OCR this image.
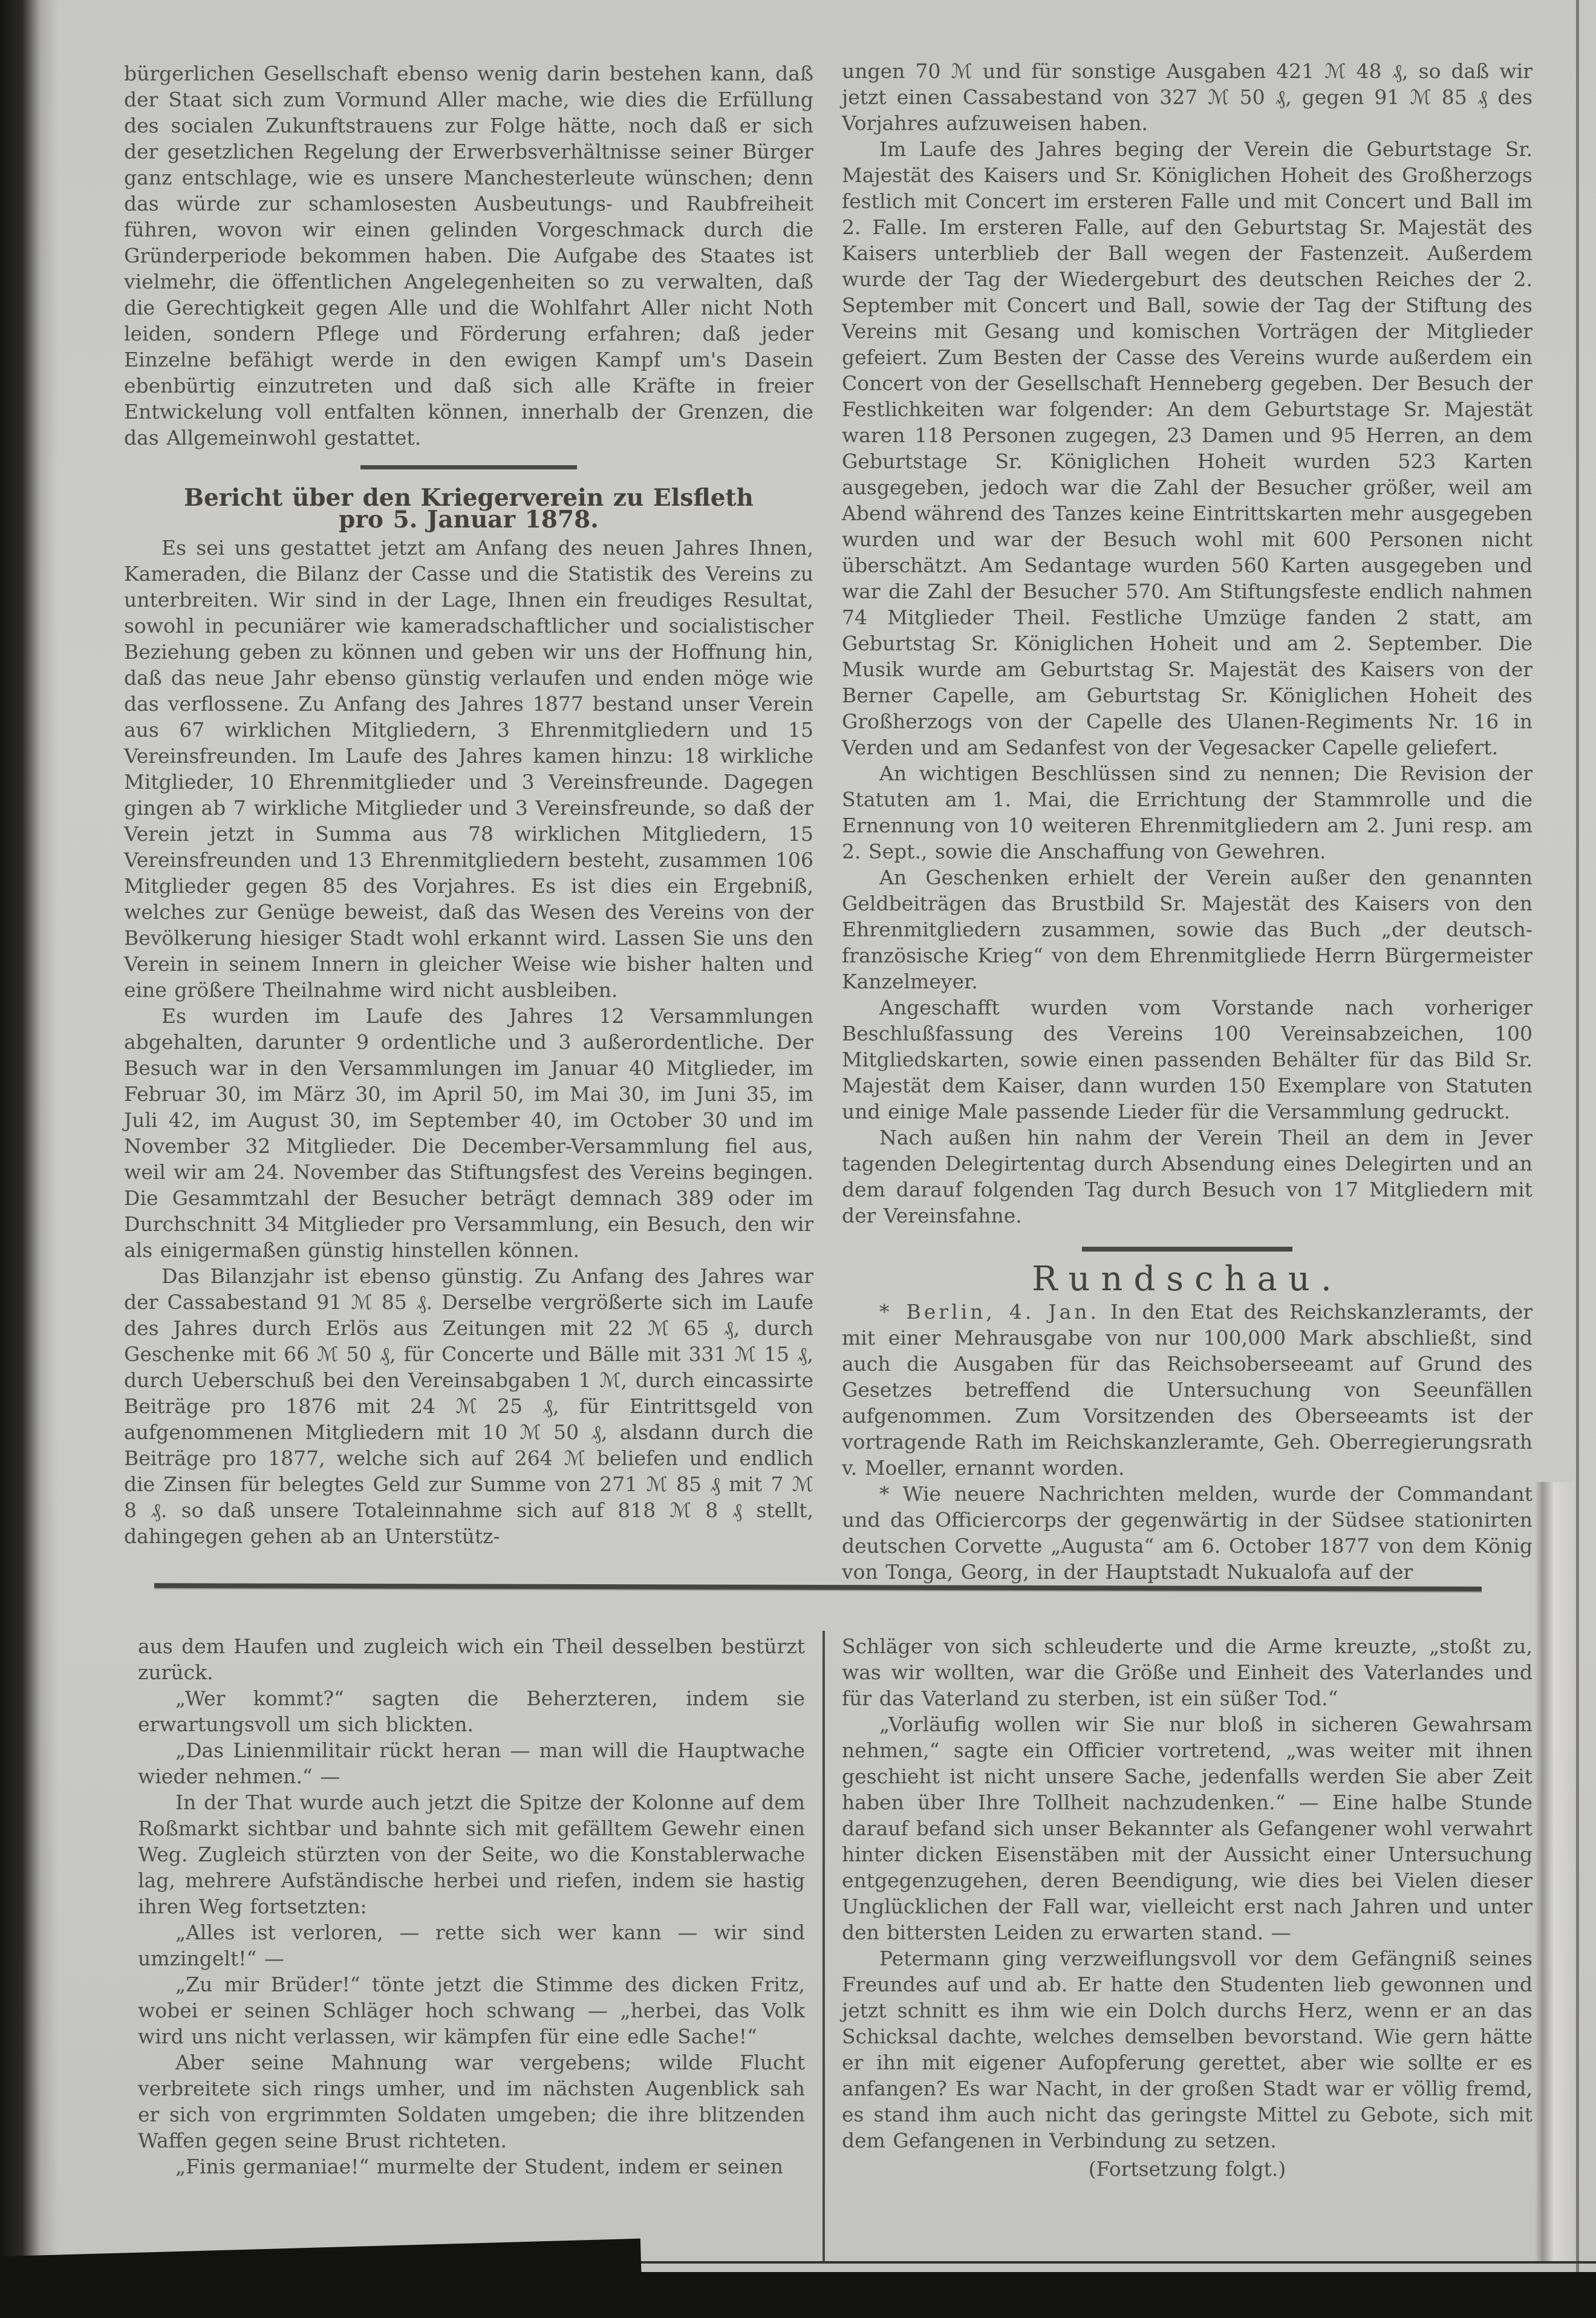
bürgerlichen Gesellschaft ebenso wenig darin bestehen kann, daß der Staat sich zum Vormund Aller mache, wie dies die Erfüllung des socialen Zukunftstrauens zur Folge hätte, noch daß er sich der gesetzlichen Regelung der Erwerbsverhältnisse seiner Bürger ganz entschlage, wie es unsere Manchesterleute wünschen; denn das würde zur schamlosesten Ausbeutungs- und Raubfreiheit führen, wovon wir einen gelinden Vorgeschmack durch die Gründerperiode bekommen haben. Die Aufgabe des Staates ist vielmehr, die öffentlichen Angelegenheiten so zu verwalten, daß die Gerechtigkeit gegen Alle und die Wohlfahrt Aller nicht Noth leiden, sondern Pflege und Förderung erfahren; daß jeder Einzelne befähigt werde in den ewigen Kampf um's Dasein ebenbürtig einzutreten und daß sich alle Kräfte in freier Entwickelung voll entfalten können, innerhalb der Grenzen, die das Allgemeinwohl gestattet.

Bericht über den Kriegerverein zu Elsfleth

pro 5. Januar 1878.

Es sei uns gestattet jetzt am Anfang des neuen Jahres Ihnen, Kameraden, die Bilanz der Casse und die Statistik des Vereins zu unterbreiten. Wir sind in der Lage, Ihnen ein freudiges Resultat, sowohl in pecuniärer wie kameradschaftlicher und socialistischer Beziehung geben zu können und geben wir uns der Hoffnung hin, daß das neue Jahr ebenso günstig verlaufen und enden möge wie das verflossene. Zu Anfang des Jahres 1877 bestand unser Verein aus 67 wirklichen Mitgliedern, 3 Ehrenmitgliedern und 15 Vereinsfreunden. Im Laufe des Jahres kamen hinzu: 18 wirkliche Mitglieder, 10 Ehrenmitglieder und 3 Vereinsfreunde. Dagegen gingen ab 7 wirkliche Mitglieder und 3 Vereinsfreunde, so daß der Verein jetzt in Summa aus 78 wirklichen Mitgliedern, 15 Vereinsfreunden und 13 Ehrenmitgliedern besteht, zusammen 106 Mitglieder gegen 85 des Vorjahres. Es ist dies ein Ergebniß, welches zur Genüge beweist, daß das Wesen des Vereins von der Bevölkerung hiesiger Stadt wohl erkannt wird. Lassen Sie uns den Verein in seinem Innern in gleicher Weise wie bisher halten und eine größere Theilnahme wird nicht ausbleiben.

Es wurden im Laufe des Jahres 12 Versammlungen abgehalten, darunter 9 ordentliche und 3 außerordentliche. Der Besuch war in den Versammlungen im Januar 40 Mitglieder, im Februar 30, im März 30, im April 50, im Mai 30, im Juni 35, im Juli 42, im August 30, im September 40, im October 30 und im November 32 Mitglieder. Die December-Versammlung fiel aus, weil wir am 24. November das Stiftungsfest des Vereins begingen. Die Gesammtzahl der Besucher beträgt demnach 389 oder im Durchschnitt 34 Mitglieder pro Versammlung, ein Besuch, den wir als einigermaßen günstig hinstellen können.

Das Bilanzjahr ist ebenso günstig. Zu Anfang des Jahres war der Cassabestand 91 ℳ 85 ₰. Derselbe vergrößerte sich im Laufe des Jahres durch Erlös aus Zeitungen mit 22 ℳ 65 ₰, durch Geschenke mit 66 ℳ 50 ₰, für Concerte und Bälle mit 331 ℳ 15 ₰, durch Ueberschuß bei den Vereinsabgaben 1 ℳ, durch eincassirte Beiträge pro 1876 mit 24 ℳ 25 ₰, für Eintrittsgeld von aufgenommenen Mitgliedern mit 10 ℳ 50 ₰, alsdann durch die Beiträge pro 1877, welche sich auf 264 ℳ beliefen und endlich die Zinsen für belegtes Geld zur Summe von 271 ℳ 85 ₰ mit 7 ℳ 8 ₰. so daß unsere Totaleinnahme sich auf 818 ℳ 8 ₰ stellt, dahingegen gehen ab an Unterstütz-

ungen 70 ℳ und für sonstige Ausgaben 421 ℳ 48 ₰, so daß wir jetzt einen Cassabestand von 327 ℳ 50 ₰, gegen 91 ℳ 85 ₰ des Vorjahres aufzuweisen haben.

Im Laufe des Jahres beging der Verein die Geburtstage Sr. Majestät des Kaisers und Sr. Königlichen Hoheit des Großherzogs festlich mit Concert im ersteren Falle und mit Concert und Ball im 2. Falle. Im ersteren Falle, auf den Geburtstag Sr. Majestät des Kaisers unterblieb der Ball wegen der Fastenzeit. Außerdem wurde der Tag der Wiedergeburt des deutschen Reiches der 2. September mit Concert und Ball, sowie der Tag der Stiftung des Vereins mit Gesang und komischen Vorträgen der Mitglieder gefeiert. Zum Besten der Casse des Vereins wurde außerdem ein Concert von der Gesellschaft Henneberg gegeben. Der Besuch der Festlichkeiten war folgender: An dem Geburtstage Sr. Majestät waren 118 Personen zugegen, 23 Damen und 95 Herren, an dem Geburtstage Sr. Königlichen Hoheit wurden 523 Karten ausgegeben, jedoch war die Zahl der Besucher größer, weil am Abend während des Tanzes keine Eintrittskarten mehr ausgegeben wurden und war der Besuch wohl mit 600 Personen nicht überschätzt. Am Sedantage wurden 560 Karten ausgegeben und war die Zahl der Besucher 570. Am Stiftungsfeste endlich nahmen 74 Mitglieder Theil. Festliche Umzüge fanden 2 statt, am Geburtstag Sr. Königlichen Hoheit und am 2. September. Die Musik wurde am Geburtstag Sr. Majestät des Kaisers von der Berner Capelle, am Geburtstag Sr. Königlichen Hoheit des Großherzogs von der Capelle des Ulanen-Regiments Nr. 16 in Verden und am Sedanfest von der Vegesacker Capelle geliefert.

An wichtigen Beschlüssen sind zu nennen; Die Revision der Statuten am 1. Mai, die Errichtung der Stammrolle und die Ernennung von 10 weiteren Ehrenmitgliedern am 2. Juni resp. am 2. Sept., sowie die Anschaffung von Gewehren.

An Geschenken erhielt der Verein außer den genannten Geldbeiträgen das Brustbild Sr. Majestät des Kaisers von den Ehrenmitgliedern zusammen, sowie das Buch „der deutsch-französische Krieg“ von dem Ehrenmitgliede Herrn Bürgermeister Kanzelmeyer.

Angeschafft wurden vom Vorstande nach vorheriger Beschlußfassung des Vereins 100 Vereinsabzeichen, 100 Mitgliedskarten, sowie einen passenden Behälter für das Bild Sr. Majestät dem Kaiser, dann wurden 150 Exemplare von Statuten und einige Male passende Lieder für die Versammlung gedruckt.

Nach außen hin nahm der Verein Theil an dem in Jever tagenden Delegirtentag durch Absendung eines Delegirten und an dem darauf folgenden Tag durch Besuch von 17 Mitgliedern mit der Vereinsfahne.

Rundschau.

* Berlin, 4. Jan. In den Etat des Reichskanzleramts, der mit einer Mehrausgabe von nur 100,000 Mark abschließt, sind auch die Ausgaben für das Reichsoberseeamt auf Grund des Gesetzes betreffend die Untersuchung von Seeunfällen aufgenommen. Zum Vorsitzenden des Oberseeamts ist der vortragende Rath im Reichskanzleramte, Geh. Oberregierungsrath v. Moeller, ernannt worden.

* Wie neuere Nachrichten melden, wurde der Commandant und das Officiercorps der gegenwärtig in der Südsee stationirten deutschen Corvette „Augusta“ am 6. October 1877 von dem König von Tonga, Georg, in der Hauptstadt Nukualofa auf der

aus dem Haufen und zugleich wich ein Theil desselben bestürzt zurück.

„Wer kommt?“ sagten die Beherzteren, indem sie erwartungsvoll um sich blickten.

„Das Linienmilitair rückt heran — man will die Hauptwache wieder nehmen.“ —

In der That wurde auch jetzt die Spitze der Kolonne auf dem Roßmarkt sichtbar und bahnte sich mit gefälltem Gewehr einen Weg. Zugleich stürzten von der Seite, wo die Konstablerwache lag, mehrere Aufständische herbei und riefen, indem sie hastig ihren Weg fortsetzten:

„Alles ist verloren, — rette sich wer kann — wir sind umzingelt!“ —

„Zu mir Brüder!“ tönte jetzt die Stimme des dicken Fritz, wobei er seinen Schläger hoch schwang — „herbei, das Volk wird uns nicht verlassen, wir kämpfen für eine edle Sache!“

Aber seine Mahnung war vergebens; wilde Flucht verbreitete sich rings umher, und im nächsten Augenblick sah er sich von ergrimmten Soldaten umgeben; die ihre blitzenden Waffen gegen seine Brust richteten.

„Finis germaniae!“ murmelte der Student, indem er seinen

Schläger von sich schleuderte und die Arme kreuzte, „stoßt zu, was wir wollten, war die Größe und Einheit des Vaterlandes und für das Vaterland zu sterben, ist ein süßer Tod.“

„Vorläufig wollen wir Sie nur bloß in sicheren Gewahrsam nehmen,“ sagte ein Officier vortretend, „was weiter mit ihnen geschieht ist nicht unsere Sache, jedenfalls werden Sie aber Zeit haben über Ihre Tollheit nachzudenken.“ — Eine halbe Stunde darauf befand sich unser Bekannter als Gefangener wohl verwahrt hinter dicken Eisenstäben mit der Aussicht einer Untersuchung entgegenzugehen, deren Beendigung, wie dies bei Vielen dieser Unglücklichen der Fall war, vielleicht erst nach Jahren und unter den bittersten Leiden zu erwarten stand. —

Petermann ging verzweiflungsvoll vor dem Gefängniß seines Freundes auf und ab. Er hatte den Studenten lieb gewonnen und jetzt schnitt es ihm wie ein Dolch durchs Herz, wenn er an das Schicksal dachte, welches demselben bevorstand. Wie gern hätte er ihn mit eigener Aufopferung gerettet, aber wie sollte er es anfangen? Es war Nacht, in der großen Stadt war er völlig fremd, es stand ihm auch nicht das geringste Mittel zu Gebote, sich mit dem Gefangenen in Verbindung zu setzen.

(Fortsetzung folgt.)
